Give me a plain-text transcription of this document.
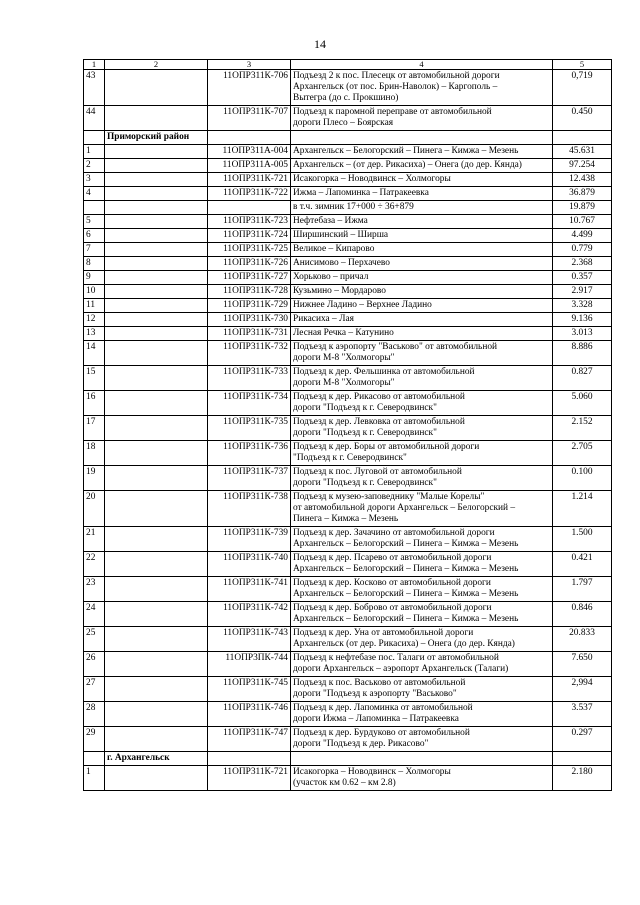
14
1	2	3	4	5
43		11ОПР311К-706	Подъезд 2 к пос. Плесецк от автомобильной дороги
Архангельск (от пос. Брин-Наволок) – Каргополь –
Вытегра (до с. Прокшино)	0,719
44		11ОПР311К-707	Подъезд к паромной переправе от автомобильной
дороги Плесо – Боярская	0.450
	Приморский район			
1		11ОПР311А-004	Архангельск – Белогорский – Пинега – Кимжа – Мезень	45.631
2		11ОПР311А-005	Архангельск – (от дер. Рикасиха) – Онега (до дер. Кянда)	97.254
3		11ОПР311К-721	Исакогорка – Новодвинск – Холмогоры	12.438
4		11ОПР311К-722	Ижма – Лапоминка – Патракеевка	36.879
			в т.ч. зимник 17+000 ÷ 36+879	19.879
5		11ОПР311К-723	Нефтебаза – Ижма	10.767
6		11ОПР311К-724	Ширшинский – Ширша	4.499
7		11ОПР311К-725	Великое – Кипарово	0.779
8		11ОПР311К-726	Анисимово – Перхачево	2.368
9		11ОПР311К-727	Хорьково – причал	0.357
10		11ОПР311К-728	Кузьмино – Мордарово	2.917
11		11ОПР311К-729	Нижнее Ладино – Верхнее Ладино	3.328
12		11ОПР311К-730	Рикасиха – Лая	9.136
13		11ОПР311К-731	Лесная Речка – Катунино	3.013
14		11ОПР311К-732	Подъезд к аэропорту "Васьково" от автомобильной
дороги М-8 "Холмогоры"	8.886
15		11ОПР311К-733	Подъезд к дер. Фельшинка от автомобильной
дороги М-8 "Холмогоры"	0.827
16		11ОПР311К-734	Подъезд к дер. Рикасово от автомобильной
дороги "Подъезд к г. Северодвинск"	5.060
17		11ОПР311К-735	Подъезд к дер. Левковка от автомобильной
дороги "Подъезд к г. Северодвинск"	2.152
18		11ОПР311К-736	Подъезд к дер. Боры от автомобильной дороги
"Подъезд к г. Северодвинск"	2.705
19		11ОПР311К-737	Подъезд к пос. Луговой от автомобильной
дороги "Подъезд к г. Северодвинск"	0.100
20		11ОПР311К-738	Подъезд к музею-заповеднику "Малые Корелы"
от автомобильной дороги Архангельск – Белогорский –
Пинега – Кимжа – Мезень	1.214
21		11ОПР311К-739	Подъезд к дер. Зачачино от автомобильной дороги
Архангельск – Белогорский – Пинега – Кимжа – Мезень	1.500
22		11ОПР311К-740	Подъезд к дер. Псарево от автомобильной дороги
Архангельск – Белогорский – Пинега – Кимжа – Мезень	0.421
23		11ОПР311К-741	Подъезд к дер. Косково от автомобильной дороги
Архангельск – Белогорский – Пинега – Кимжа – Мезень	1.797
24		11ОПР311К-742	Подъезд к дер. Боброво от автомобильной дороги
Архангельск – Белогорский – Пинега – Кимжа – Мезень	0.846
25		11ОПР311К-743	Подъезд к дер. Уна от автомобильной дороги
Архангельск (от дер. Рикасиха) – Онега (до дер. Кянда)	20.833
26		11ОПР3ПК-744	Подъезд к нефтебазе пос. Талаги от автомобильной
дороги Архангельск – аэропорт Архангельск (Талаги)	7.650
27		11ОПР311К-745	Подъезд к пос. Васьково от автомобильной
дороги "Подъезд к аэропорту "Васьково"	2,994
28		11ОПР311К-746	Подъезд к дер. Лапоминка от автомобильной
дороги Ижма – Лапоминка – Патракеевка	3.537
29		11ОПР311К-747	Подъезд к дер. Бурдуково от автомобильной
дороги "Подъезд к дер. Рикасово"	0.297
	г. Архангельск			
1		11ОПР311К-721	Исакогорка – Новодвинск – Холмогоры
(участок км 0.62 – км 2.8)	2.180
